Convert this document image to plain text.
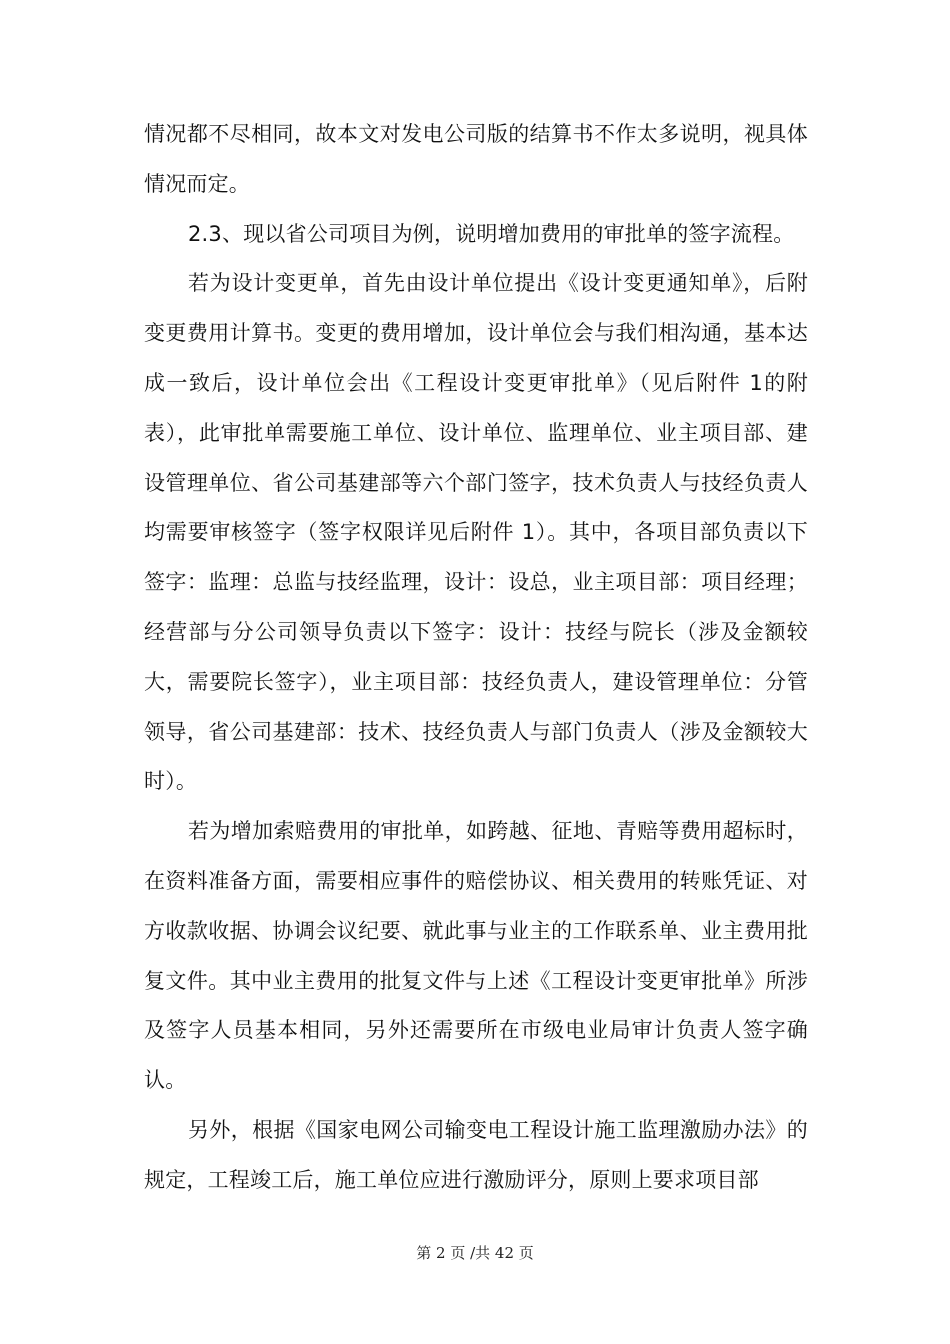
情况都不尽相同，故本文对发电公司版的结算书不作太多说明，视具体情况而定。

2.3、现以省公司项目为例，说明增加费用的审批单的签字流程。

若为设计变更单，首先由设计单位提出《设计变更通知单》，后附变更费用计算书。变更的费用增加，设计单位会与我们相沟通，基本达成一致后，设计单位会出《工程设计变更审批单》（见后附件 1的附表），此审批单需要施工单位、设计单位、监理单位、业主项目部、建设管理单位、省公司基建部等六个部门签字，技术负责人与技经负责人均需要审核签字（签字权限详见后附件 1）。其中，各项目部负责以下签字：监理：总监与技经监理，设计：设总，业主项目部：项目经理；经营部与分公司领导负责以下签字：设计：技经与院长（涉及金额较大，需要院长签字），业主项目部：技经负责人，建设管理单位：分管领导，省公司基建部：技术、技经负责人与部门负责人（涉及金额较大时）。

若为增加索赔费用的审批单，如跨越、征地、青赔等费用超标时，在资料准备方面，需要相应事件的赔偿协议、相关费用的转账凭证、对方收款收据、协调会议纪要、就此事与业主的工作联系单、业主费用批复文件。其中业主费用的批复文件与上述《工程设计变更审批单》所涉及签字人员基本相同，另外还需要所在市级电业局审计负责人签字确认。

另外，根据《国家电网公司输变电工程设计施工监理激励办法》的规定，工程竣工后，施工单位应进行激励评分，原则上要求项目部

第 2 页 /共 42 页
